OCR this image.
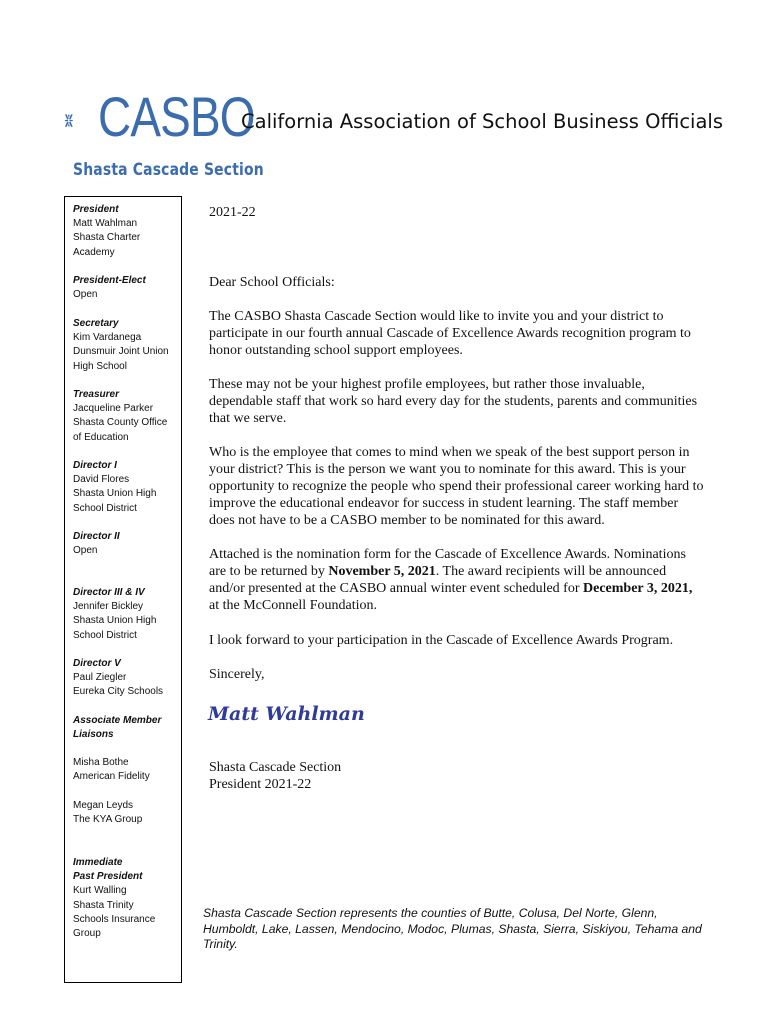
CASBO
California Association of School Business Officials
Shasta Cascade Section
President
Matt Wahlman
Shasta Charter
Academy
President-Elect
Open
Secretary
Kim Vardanega
Dunsmuir Joint Union
High School
Treasurer
Jacqueline Parker
Shasta County Office
of Education
Director I
David Flores
Shasta Union High
School District
Director II
Open
Director III & IV
Jennifer Bickley
Shasta Union High
School District
Director V
Paul Ziegler
Eureka City Schools
Associate Member
Liaisons
Misha Bothe
American Fidelity
Megan Leyds
The KYA Group
Immediate
Past President
Kurt Walling
Shasta Trinity
Schools Insurance
Group
2021-22
Dear School Officials:
The CASBO Shasta Cascade Section would like to invite you and your district to
participate in our fourth annual Cascade of Excellence Awards recognition program to
honor outstanding school support employees.
These may not be your highest profile employees, but rather those invaluable,
dependable staff that work so hard every day for the students, parents and communities
that we serve.
Who is the employee that comes to mind when we speak of the best support person in
your district? This is the person we want you to nominate for this award. This is your
opportunity to recognize the people who spend their professional career working hard to
improve the educational endeavor for success in student learning. The staff member
does not have to be a CASBO member to be nominated for this award.
Attached is the nomination form for the Cascade of Excellence Awards. Nominations
are to be returned by November 5, 2021. The award recipients will be announced
and/or presented at the CASBO annual winter event scheduled for December 3, 2021,
at the McConnell Foundation.
I look forward to your participation in the Cascade of Excellence Awards Program.
Sincerely,
Shasta Cascade Section
President 2021-22
Matt Wahlman
Shasta Cascade Section represents the counties of Butte, Colusa, Del Norte, Glenn, Humboldt, Lake, Lassen, Mendocino, Modoc, Plumas, Shasta, Sierra, Siskiyou, Tehama and Trinity.
